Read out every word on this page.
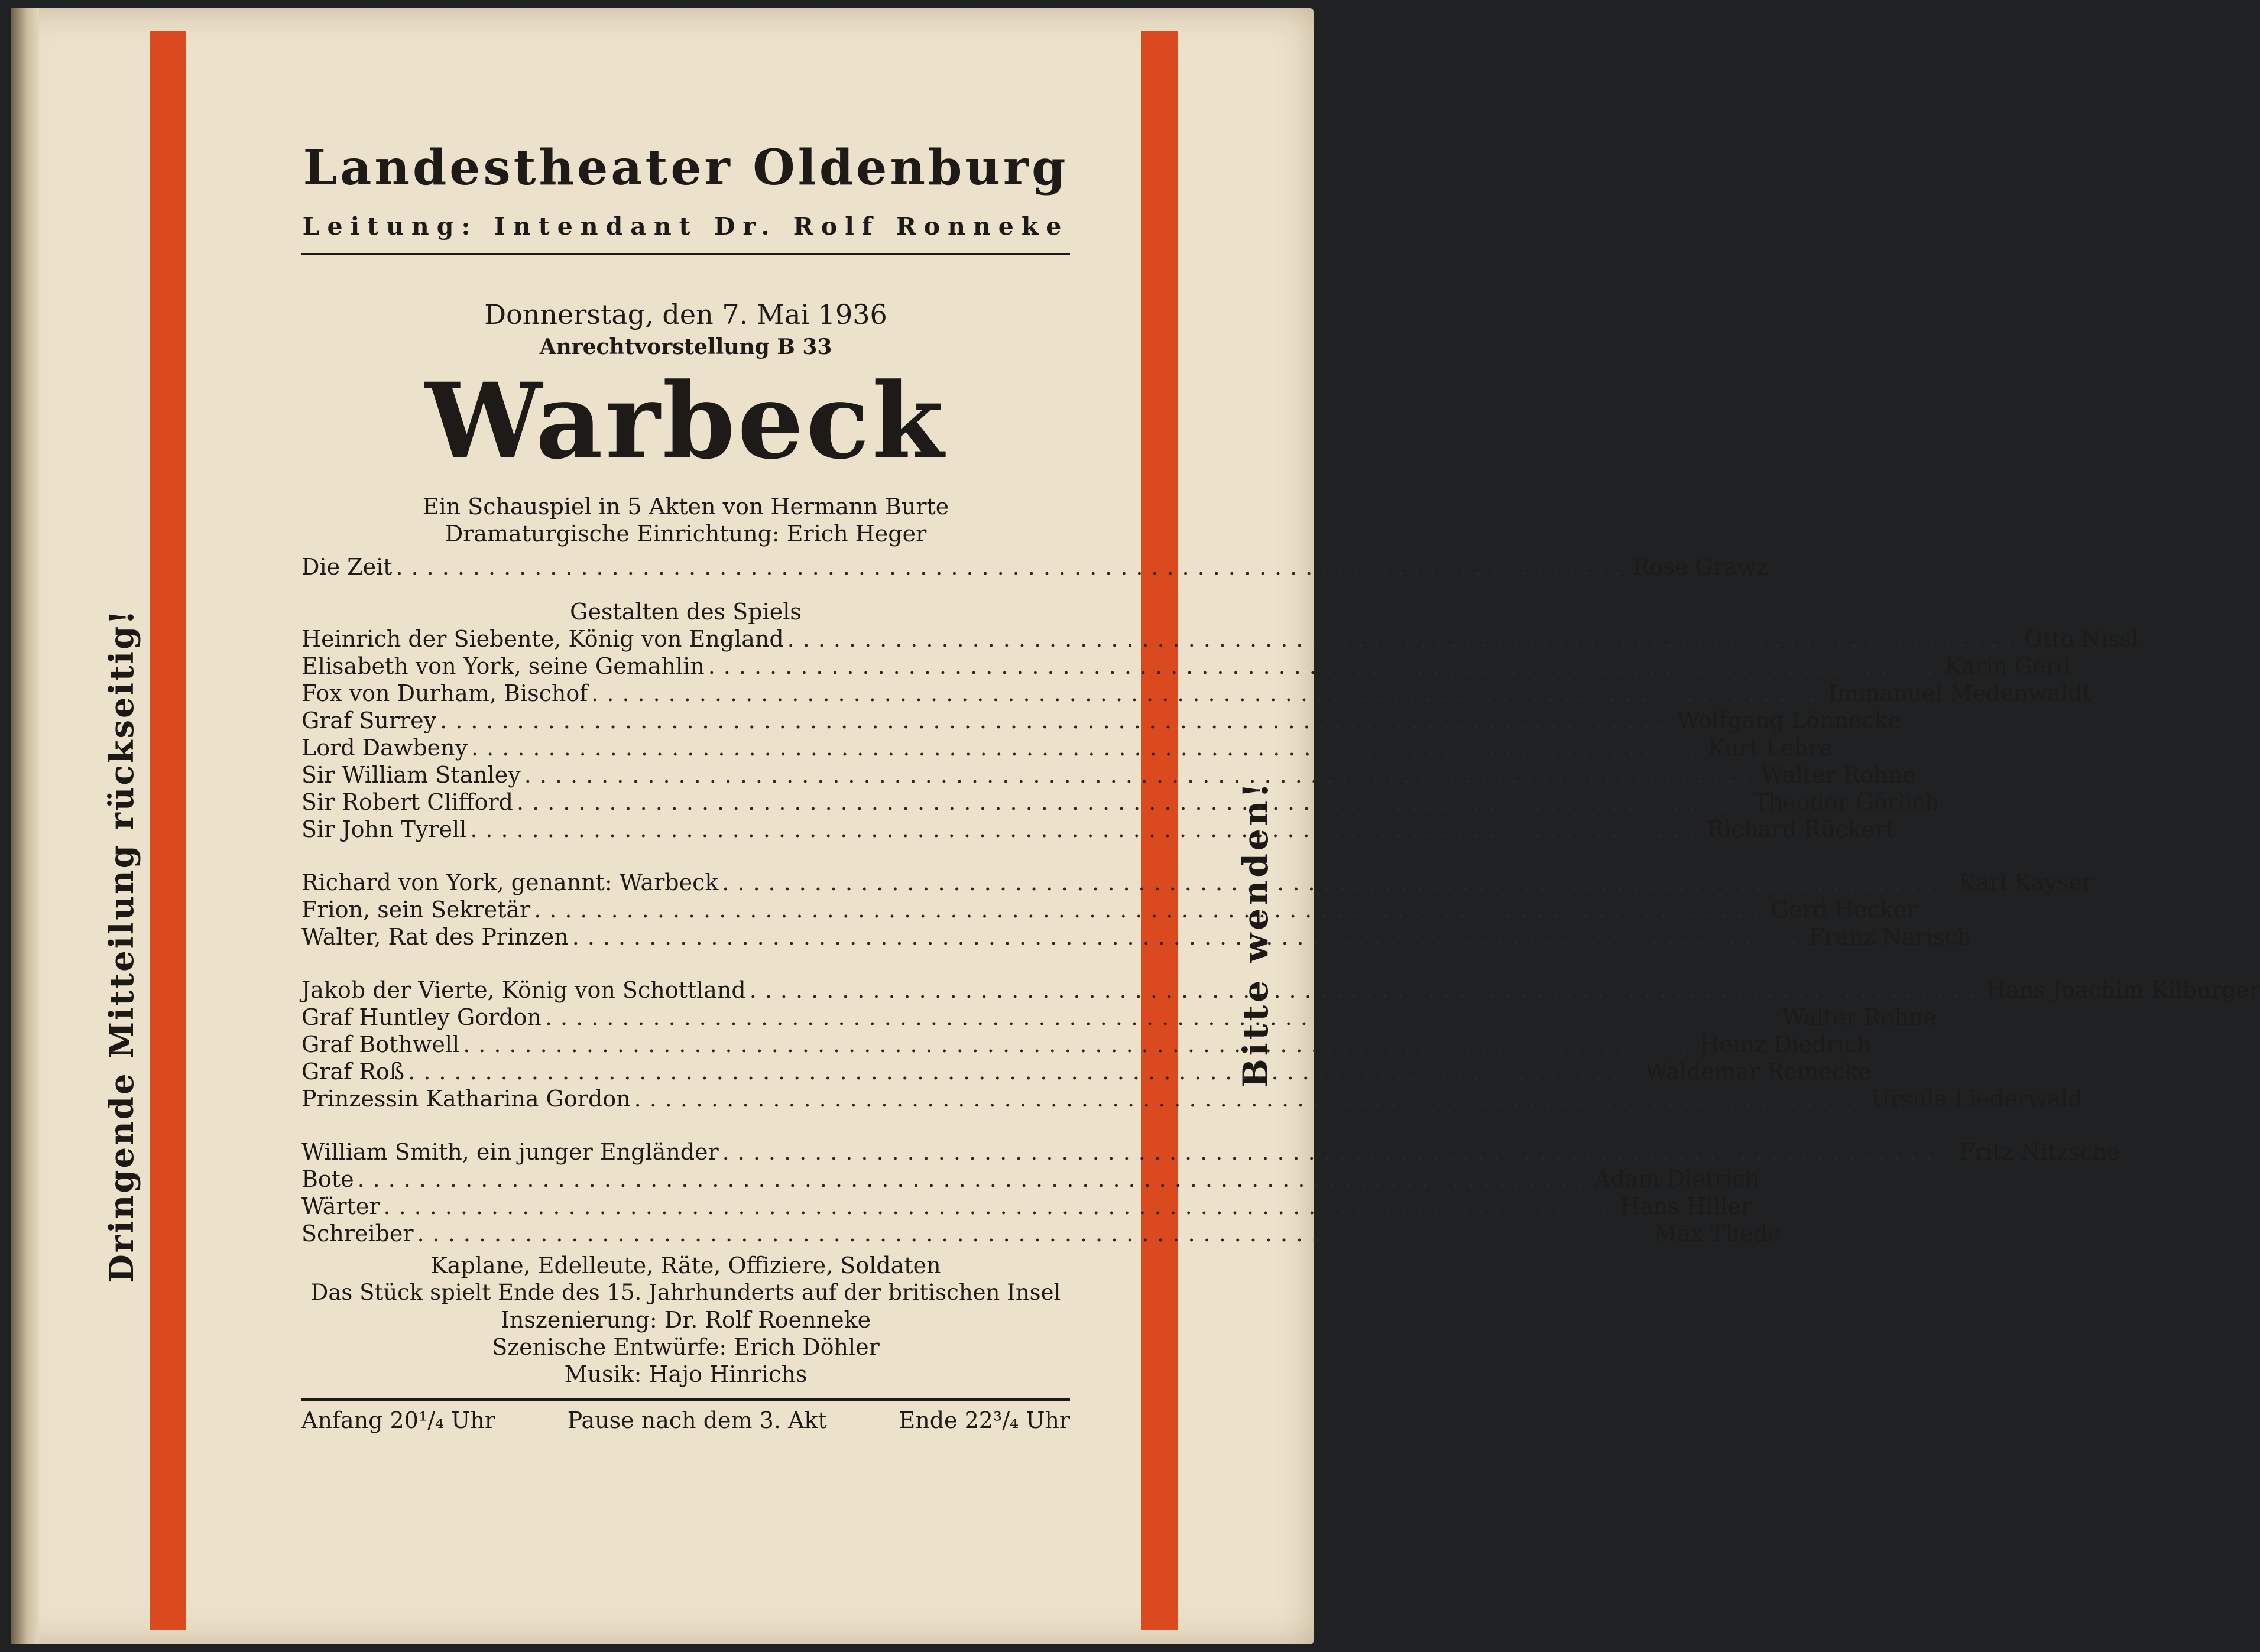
Dringende Mitteilung rückseitig!	Bitte wenden!
Landestheater Oldenburg
Leitung: Intendant Dr. Rolf Ronneke
Donnerstag, den 7. Mai 1936
Anrechtvorstellung B 33
Warbeck
Ein Schauspiel in 5 Akten von Hermann Burte
Dramaturgische Einrichtung: Erich Heger
Die Zeit ................................................................................ Rose Grawz
Gestalten des Spiels
Heinrich der Siebente, König von England ................................................................................ Otto Nissl
Elisabeth von York, seine Gemahlin ................................................................................ Karin Gerd
Fox von Durham, Bischof ................................................................................ Immanuel Medenwaldt
Graf Surrey ................................................................................ Wolfgang Lönnecke
Lord Dawbeny ................................................................................ Kurt Lehre
Sir William Stanley ................................................................................ Walter Rohne
Sir Robert Clifford ................................................................................ Theodor Görlich
Sir John Tyrell ................................................................................ Richard Rückert
Richard von York, genannt: Warbeck ................................................................................ Karl Kayser
Frion, sein Sekretär ................................................................................ Gerd Hecker
Walter, Rat des Prinzen ................................................................................ Franz Narisch
Jakob der Vierte, König von Schottland ................................................................................ Hans Joachim Kilburger
Graf Huntley Gordon ................................................................................ Walter Rohne
Graf Bothwell ................................................................................ Heinz Diedrich
Graf Roß ................................................................................ Waldemar Reinecke
Prinzessin Katharina Gordon ................................................................................ Ursula Liederwald
William Smith, ein junger Engländer ................................................................................ Fritz Nitzsche
Bote ................................................................................ Adam Dietrich
Wärter ................................................................................ Hans Hiller
Schreiber ................................................................................ Max Thede
Kaplane, Edelleute, Räte, Offiziere, Soldaten
Das Stück spielt Ende des 15. Jahrhunderts auf der britischen Insel
Inszenierung: Dr. Rolf Roenneke
Szenische Entwürfe: Erich Döhler
Musik: Hajo Hinrichs
Anfang 20¹/₄ Uhr	Pause nach dem 3. Akt	Ende 22³/₄ Uhr
